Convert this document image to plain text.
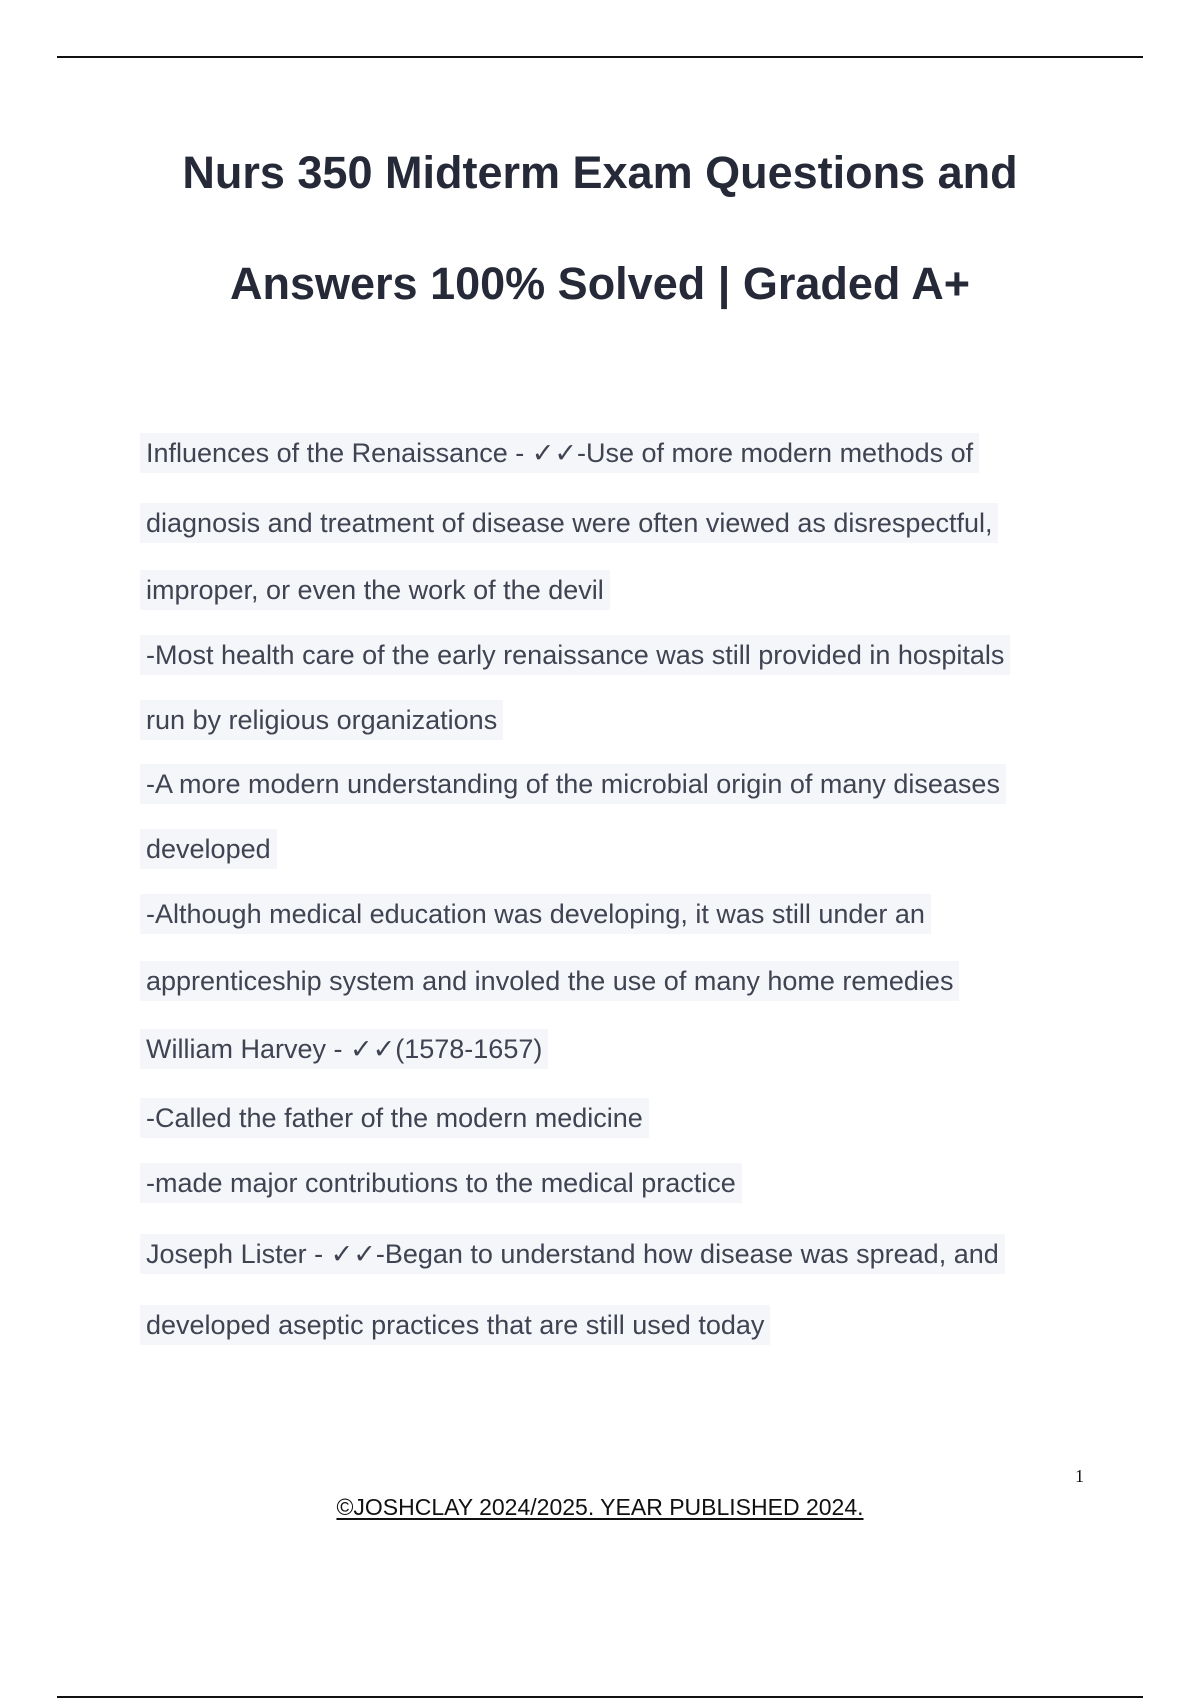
Nurs 350 Midterm Exam Questions and
Answers 100% Solved | Graded A+
Influences of the Renaissance - ✓✓-Use of more modern methods of
diagnosis and treatment of disease were often viewed as disrespectful,
improper, or even the work of the devil
-Most health care of the early renaissance was still provided in hospitals
run by religious organizations
-A more modern understanding of the microbial origin of many diseases
developed
-Although medical education was developing, it was still under an
apprenticeship system and involed the use of many home remedies
William Harvey - ✓✓(1578-1657)
-Called the father of the modern medicine
-made major contributions to the medical practice
Joseph Lister - ✓✓-Began to understand how disease was spread, and
developed aseptic practices that are still used today
1
©JOSHCLAY 2024/2025. YEAR PUBLISHED 2024.
